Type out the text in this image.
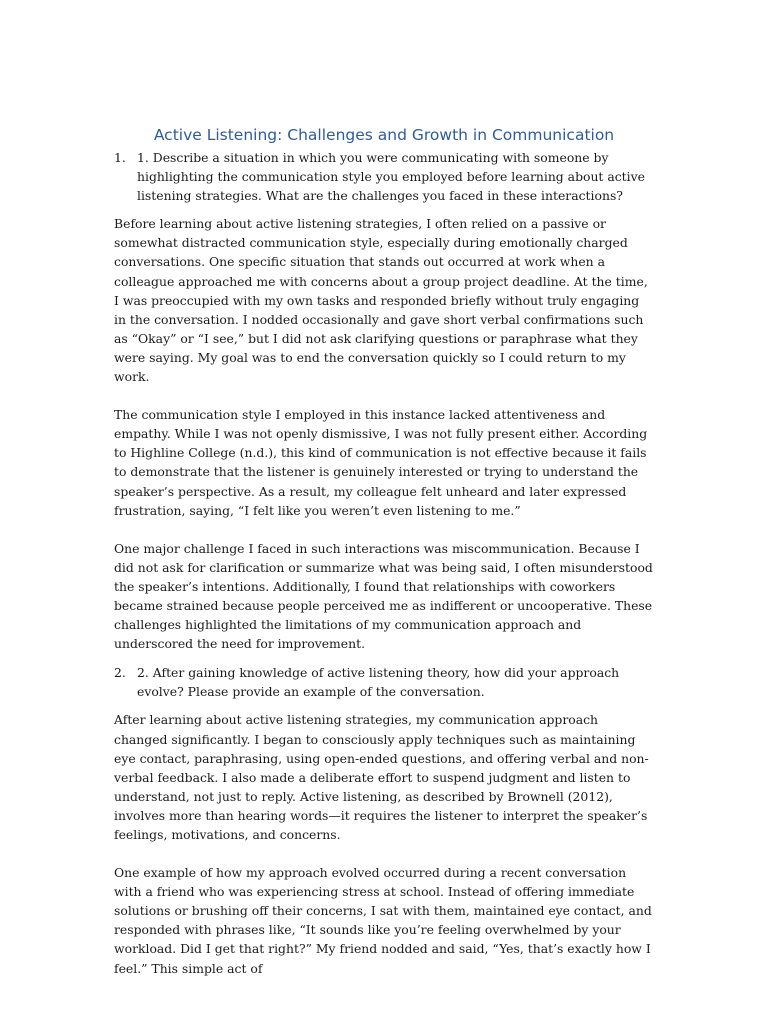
Active Listening: Challenges and Growth in Communication
1. 1. Describe a situation in which you were communicating with someone by highlighting the communication style you employed before learning about active listening strategies. What are the challenges you faced in these interactions?

Before learning about active listening strategies, I often relied on a passive or somewhat distracted communication style, especially during emotionally charged conversations. One specific situation that stands out occurred at work when a colleague approached me with concerns about a group project deadline. At the time, I was preoccupied with my own tasks and responded briefly without truly engaging in the conversation. I nodded occasionally and gave short verbal confirmations such as “Okay” or “I see,” but I did not ask clarifying questions or paraphrase what they were saying. My goal was to end the conversation quickly so I could return to my work.

The communication style I employed in this instance lacked attentiveness and empathy. While I was not openly dismissive, I was not fully present either. According to Highline College (n.d.), this kind of communication is not effective because it fails to demonstrate that the listener is genuinely interested or trying to understand the speaker’s perspective. As a result, my colleague felt unheard and later expressed frustration, saying, “I felt like you weren’t even listening to me.”

One major challenge I faced in such interactions was miscommunication. Because I did not ask for clarification or summarize what was being said, I often misunderstood the speaker’s intentions. Additionally, I found that relationships with coworkers became strained because people perceived me as indifferent or uncooperative. These challenges highlighted the limitations of my communication approach and underscored the need for improvement.

2. 2. After gaining knowledge of active listening theory, how did your approach evolve? Please provide an example of the conversation.

After learning about active listening strategies, my communication approach changed significantly. I began to consciously apply techniques such as maintaining eye contact, paraphrasing, using open-ended questions, and offering verbal and non-verbal feedback. I also made a deliberate effort to suspend judgment and listen to understand, not just to reply. Active listening, as described by Brownell (2012), involves more than hearing words—it requires the listener to interpret the speaker’s feelings, motivations, and concerns.

One example of how my approach evolved occurred during a recent conversation with a friend who was experiencing stress at school. Instead of offering immediate solutions or brushing off their concerns, I sat with them, maintained eye contact, and responded with phrases like, “It sounds like you’re feeling overwhelmed by your workload. Did I get that right?” My friend nodded and said, “Yes, that’s exactly how I feel.” This simple act of
